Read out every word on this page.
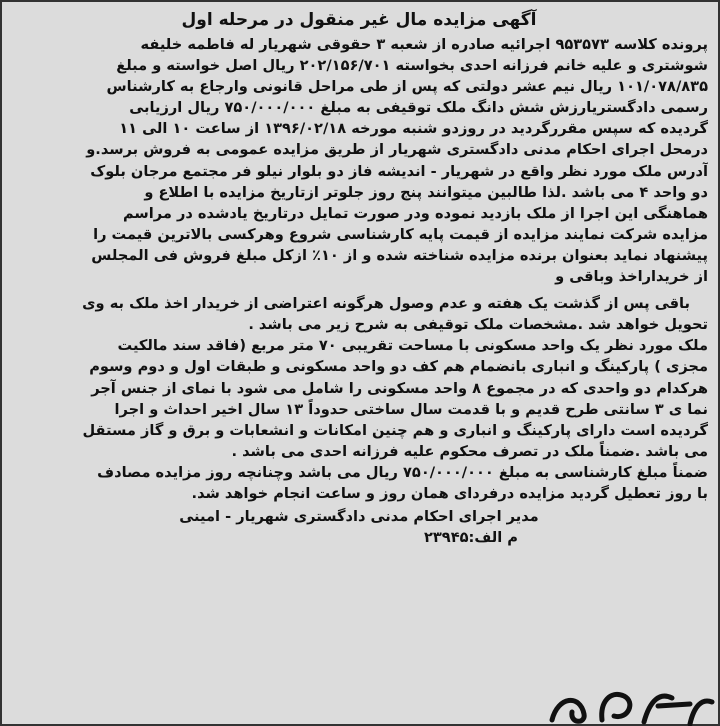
آگهی مزایده مال غیر منقول در مرحله اول
پرونده کلاسه ۹۵۳۵۷۳ اجرائیه صادره از شعبه ۳ حقوقی شهریار له فاطمه خلیفه
شوشتری و علیه خانم فرزانه احدی بخواسته ۲۰۲/۱۵۶/۷۰۱ ریال اصل خواسته و مبلغ
۱۰۱/۰۷۸/۸۳۵ ریال نیم عشر دولتی که پس از طی مراحل قانونی وارجاع به کارشناس
رسمی دادگستریارزش شش دانگ ملک توقیفی به مبلغ ۷۵۰/۰۰۰/۰۰۰ ریال ارزیابی
گردیده که سپس مقررگردید در روزدو شنبه مورخه ۱۳۹۶/۰۲/۱۸ از ساعت ۱۰ الی ۱۱
درمحل اجرای احکام مدنی دادگستری شهریار از طریق مزایده عمومی به فروش برسد.و
آدرس ملک مورد نظر واقع در شهریار - اندیشه فاز دو بلوار نیلو فر مجتمع مرجان بلوک
دو واحد ۴ می باشد .لذا طالبین میتوانند پنج روز جلوتر ازتاریخ مزایده با اطلاع و
هماهنگی این اجرا از ملک بازدید نموده ودر صورت تمایل درتاریخ یادشده در مراسم
مزایده شرکت نمایند مزایده از قیمت پایه کارشناسی شروع وهرکسی بالاترین قیمت را
پیشنهاد نماید بعنوان برنده مزایده شناخته شده و از ۱۰٪ ازکل مبلغ فروش فی المجلس
از خریداراخذ وباقی و
باقی پس از گذشت یک هفته و عدم وصول هرگونه اعتراضی از خریدار اخذ ملک به وی
تحویل خواهد شد .مشخصات ملک توقیفی به شرح زیر می باشد .
ملک مورد نظر یک واحد مسکونی با مساحت تقریبی ۷۰ متر مربع (فاقد سند مالکیت
مجزی ) پارکینگ و انباری بانضمام هم کف دو واحد مسکونی و طبقات اول و دوم وسوم
هرکدام دو واحدی که در مجموع ۸ واحد مسکونی را شامل می شود با نمای از جنس آجر
نما ی ۳ سانتی طرح قدیم و با قدمت سال ساختی حدوداً ۱۳ سال اخیر احداث و اجرا
گردیده است دارای پارکینگ و انباری و هم چنین امکانات و انشعابات و برق و گاز مستقل
می باشد .ضمناً ملک در تصرف محکوم علیه فرزانه احدی می باشد .
ضمناً مبلغ کارشناسی به مبلغ ۷۵۰/۰۰۰/۰۰۰ ریال می باشد وچنانچه روز مزایده مصادف
با روز تعطیل گردید مزایده درفردای همان روز و ساعت انجام خواهد شد.
مدیر اجرای احکام مدنی دادگستری شهریار - امینی
م الف:۲۳۹۴۵
